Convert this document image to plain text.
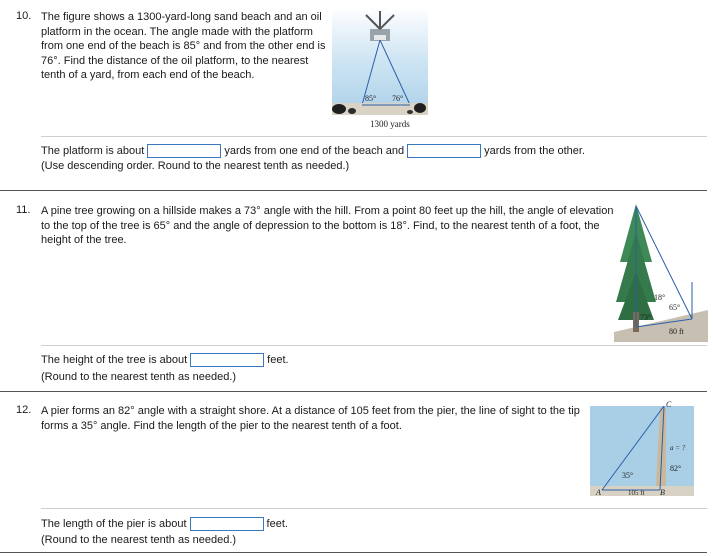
10. The figure shows a 1300-yard-long sand beach and an oil
platform in the ocean. The angle made with the platform
from one end of the beach is 85° and from the other end is
76°. Find the distance of the oil platform, to the nearest
tenth of a yard, from each end of the beach.
85° 76°
1300 yards
The platform is about	yards from one end of the beach and	yards from the other.
(Use descending order. Round to the nearest tenth as needed.)
11. A pine tree growing on a hillside makes a 73° angle with the hill. From a point 80 feet up the hill, the angle of elevation
to the top of the tree is 65° and the angle of depression to the bottom is 18°. Find, to the nearest tenth of a foot, the
height of the tree.
18°
65°
73°
80 ft
The height of the tree is about	feet.
(Round to the nearest tenth as needed.)
12. A pier forms an 82° angle with a straight shore. At a distance of 105 feet from the pier, the line of sight to the tip
forms a 35° angle. Find the length of the pier to the nearest tenth of a foot.
C
A	B
a = ?
35°
82°
105 ft
The length of the pier is about	feet.
(Round to the nearest tenth as needed.)
